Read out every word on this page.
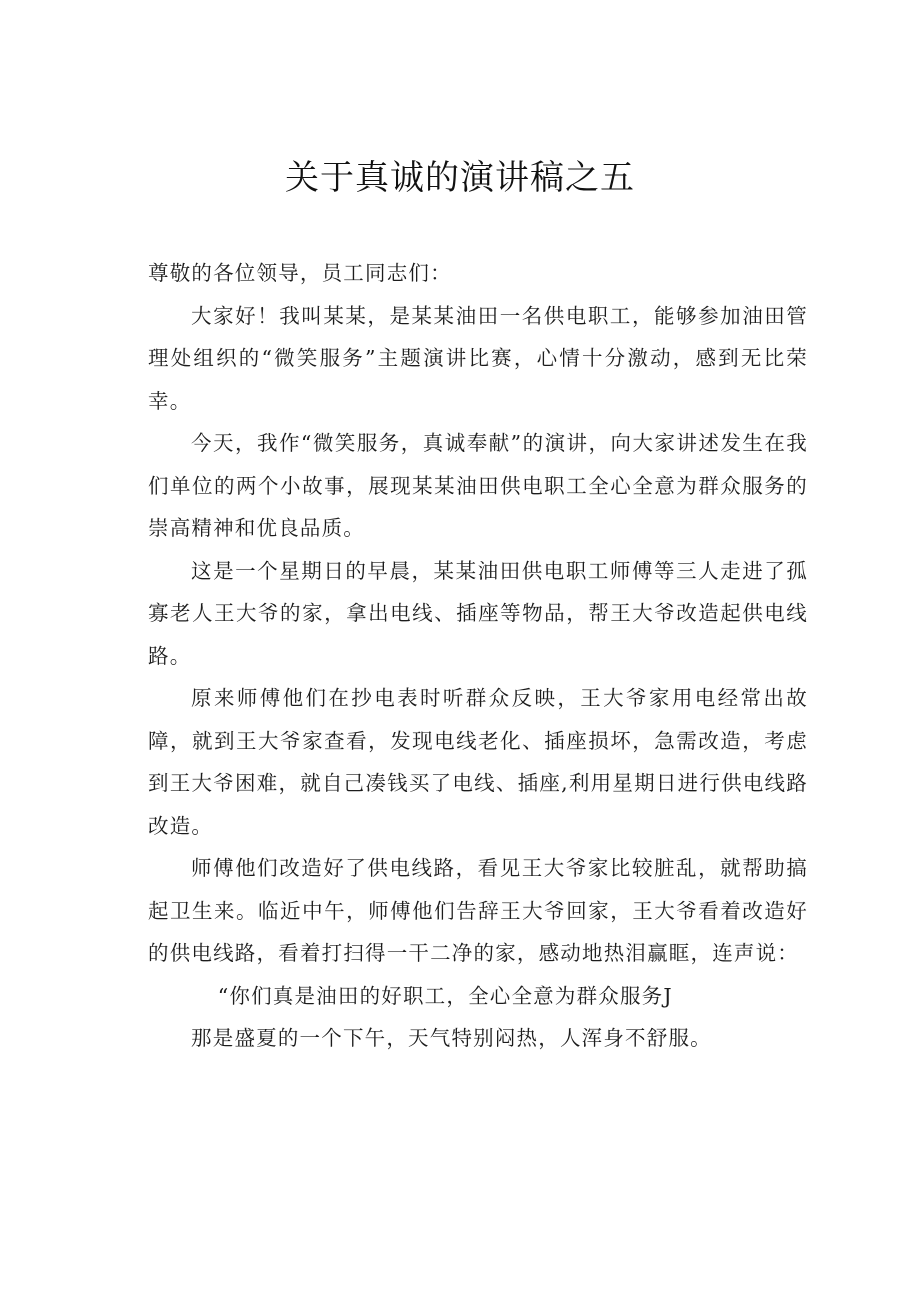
关于真诚的演讲稿之五

尊敬的各位领导，员工同志们：

大家好！我叫某某，是某某油田一名供电职工，能够参加油田管理处组织的“微笑服务”主题演讲比赛，心情十分激动，感到无比荣幸。

今天，我作“微笑服务，真诚奉献”的演讲，向大家讲述发生在我们单位的两个小故事，展现某某油田供电职工全心全意为群众服务的崇高精神和优良品质。

这是一个星期日的早晨，某某油田供电职工师傅等三人走进了孤寡老人王大爷的家，拿出电线、插座等物品，帮王大爷改造起供电线路。

原来师傅他们在抄电表时听群众反映，王大爷家用电经常出故障，就到王大爷家查看，发现电线老化、插座损坏，急需改造，考虑到王大爷困难，就自己凑钱买了电线、插座,利用星期日进行供电线路改造。

师傅他们改造好了供电线路，看见王大爷家比较脏乱，就帮助搞起卫生来。临近中午，师傅他们告辞王大爷回家，王大爷看着改造好的供电线路，看着打扫得一干二净的家，感动地热泪赢眶，连声说：

“你们真是油田的好职工，全心全意为群众服务J

那是盛夏的一个下午，天气特别闷热，人浑身不舒服。
